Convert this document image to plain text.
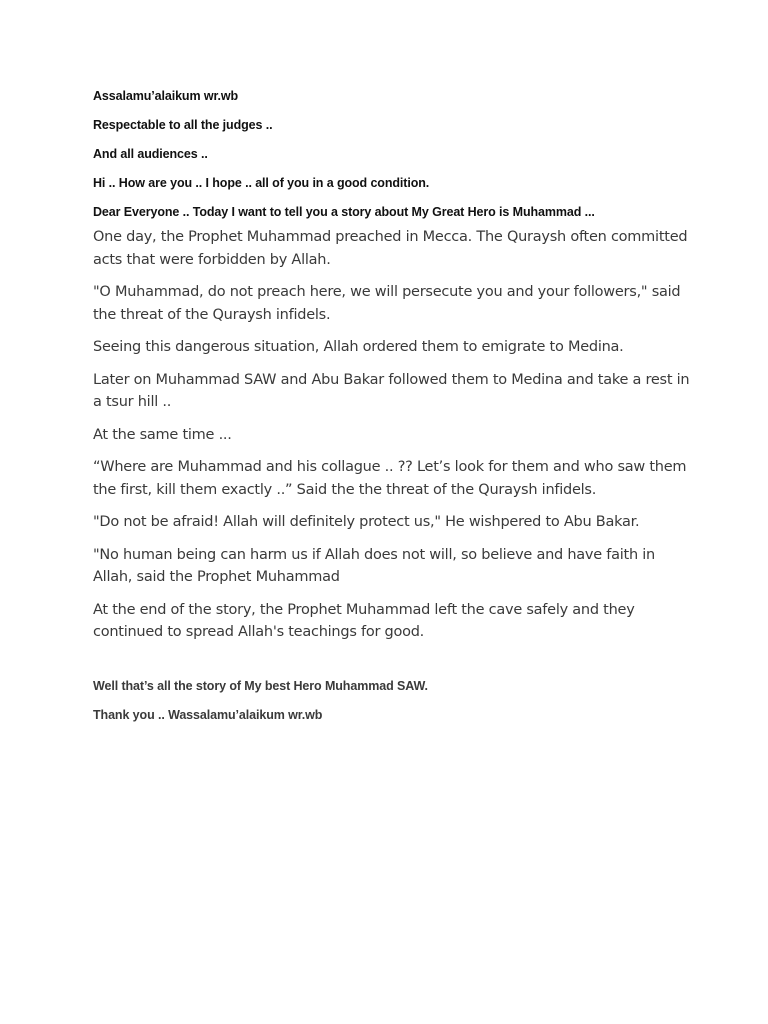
Assalamu’alaikum wr.wb

Respectable to all the judges ..

And all audiences ..

Hi .. How are you .. I hope .. all of you in a good condition.

Dear Everyone .. Today I want to tell you a story about My Great Hero is Muhammad ...

One day, the Prophet Muhammad preached in Mecca. The Quraysh often committed acts that were forbidden by Allah.

"O Muhammad, do not preach here, we will persecute you and your followers," said the threat of the Quraysh infidels.

Seeing this dangerous situation, Allah ordered them to emigrate to Medina.

Later on Muhammad SAW and Abu Bakar followed them to Medina and take a rest in a tsur hill ..

At the same time ...

“Where are Muhammad and his collague .. ?? Let’s look for them and who saw them the first, kill them exactly ..” Said the the threat of the Quraysh infidels.

"Do not be afraid! Allah will definitely protect us," He wishpered to Abu Bakar.

"No human being can harm us if Allah does not will, so believe and have faith in Allah, said the Prophet Muhammad

At the end of the story, the Prophet Muhammad left the cave safely and they continued to spread Allah's teachings for good.

Well that’s all the story of My best Hero Muhammad SAW.

Thank you .. Wassalamu’alaikum wr.wb
